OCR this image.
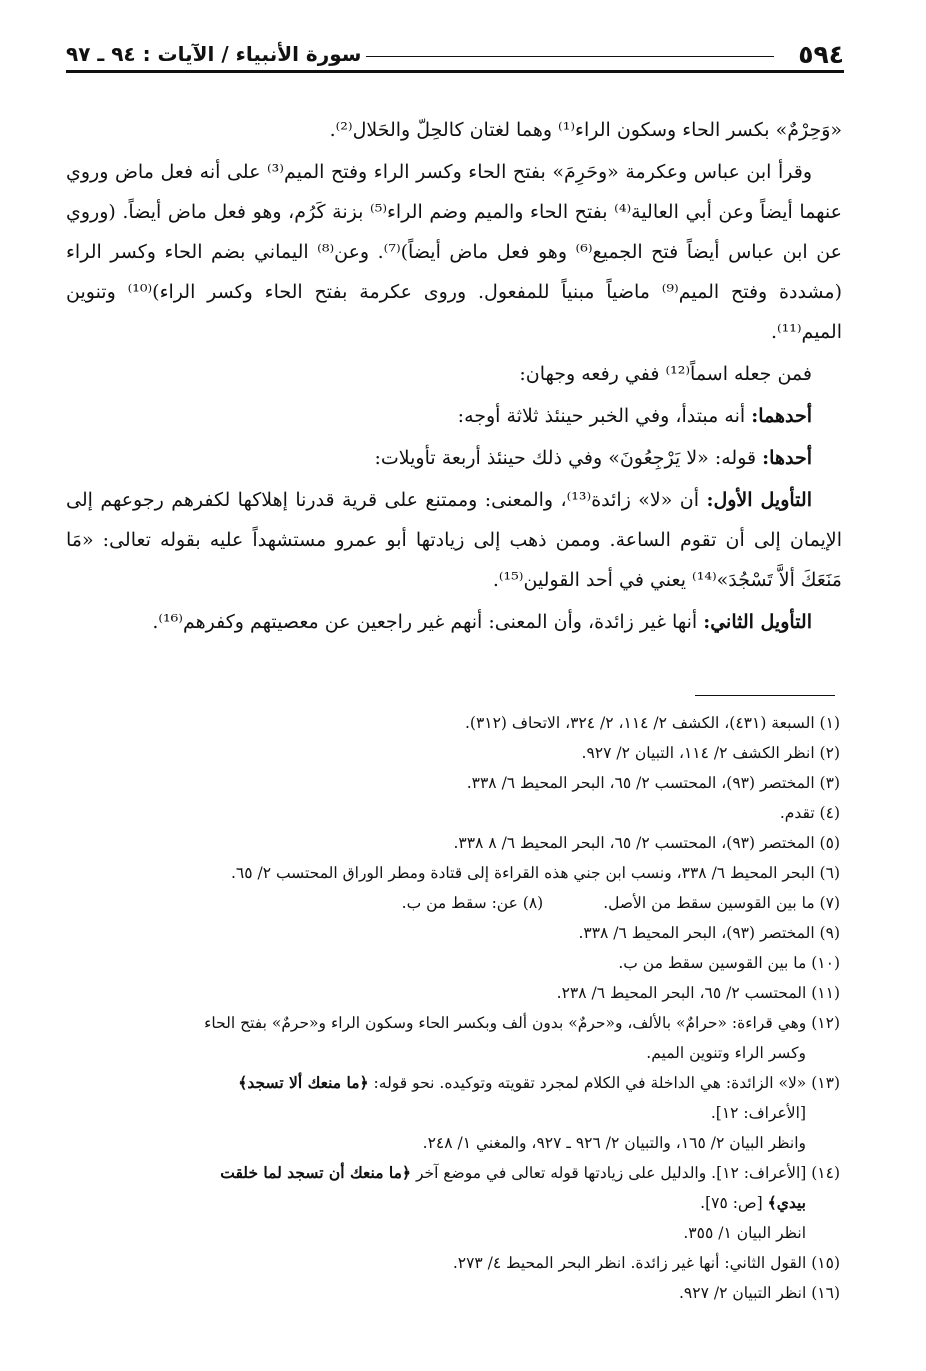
٥٩٤
سورة الأنبياء / الآيات : ٩٤ ـ ٩٧

«وَحِرْمٌ» بكسر الحاء وسكون الراء⁽¹⁾ وهما لغتان كالحِلّ والحَلال⁽²⁾.

وقرأ ابن عباس وعكرمة «وحَرِمَ» بفتح الحاء وكسر الراء وفتح الميم⁽³⁾ على أنه فعل ماض وروي عنهما أيضاً وعن أبي العالية⁽⁴⁾ بفتح الحاء والميم وضم الراء⁽⁵⁾ بزنة كَرُم، وهو فعل ماض أيضاً. (وروي عن ابن عباس أيضاً فتح الجميع⁽⁶⁾ وهو فعل ماض أيضاً)⁽⁷⁾. وعن⁽⁸⁾ اليماني بضم الحاء وكسر الراء (مشددة وفتح الميم⁽⁹⁾ ماضياً مبنياً للمفعول. وروى عكرمة بفتح الحاء وكسر الراء)⁽¹⁰⁾ وتنوين الميم⁽¹¹⁾.

فمن جعله اسماً⁽¹²⁾ ففي رفعه وجهان:

أحدهما: أنه مبتدأ، وفي الخبر حينئذ ثلاثة أوجه:

أحدها: قوله: «لا يَرْجِعُونَ» وفي ذلك حينئذ أربعة تأويلات:

التأويل الأول: أن «لا» زائدة⁽¹³⁾، والمعنى: وممتنع على قرية قدرنا إهلاكها لكفرهم رجوعهم إلى الإيمان إلى أن تقوم الساعة. وممن ذهب إلى زيادتها أبو عمرو مستشهداً عليه بقوله تعالى: «مَا مَنَعَكَ ألاَّ تَسْجُدَ»⁽¹⁴⁾ يعني في أحد القولين⁽¹⁵⁾.

التأويل الثاني: أنها غير زائدة، وأن المعنى: أنهم غير راجعين عن معصيتهم وكفرهم⁽¹⁶⁾.

(١) السبعة (٤٣١)، الكشف ٢/ ١١٤، ٢/ ٣٢٤، الاتحاف (٣١٢).

(٢) انظر الكشف ٢/ ١١٤، التبيان ٢/ ٩٢٧.

(٣) المختصر (٩٣)، المحتسب ٢/ ٦٥، البحر المحيط ٦/ ٣٣٨.

(٤) تقدم.

(٥) المختصر (٩٣)، المحتسب ٢/ ٦٥، البحر المحيط ٦/ ٨ ٣٣٨.

(٦) البحر المحيط ٦/ ٣٣٨، ونسب ابن جني هذه القراءة إلى قتادة ومطر الوراق المحتسب ٢/ ٦٥.

(٧) ما بين القوسين سقط من الأصل.
(٨) عن: سقط من ب.

(٩) المختصر (٩٣)، البحر المحيط ٦/ ٣٣٨.

(١٠) ما بين القوسين سقط من ب.

(١١) المحتسب ٢/ ٦٥، البحر المحيط ٦/ ٢٣٨.

(١٢) وهي قراءة: «حرامٌ» بالألف، و«حرمٌ» بدون ألف وبكسر الحاء وسكون الراء و«حرمٌ» بفتح الحاء

وكسر الراء وتنوين الميم.

(١٣) «لا» الزائدة: هي الداخلة في الكلام لمجرد تقويته وتوكيده. نحو قوله: ﴿ما منعك ألا تسجد﴾

[الأعراف: ١٢].

وانظر البيان ٢/ ١٦٥، والتبيان ٢/ ٩٢٦ ـ ٩٢٧، والمغني ١/ ٢٤٨.

(١٤) [الأعراف: ١٢]. والدليل على زيادتها قوله تعالى في موضع آخر ﴿ما منعك أن تسجد لما خلقت

بيدي﴾ [ص: ٧٥].

انظر البيان ١/ ٣٥٥.

(١٥) القول الثاني: أنها غير زائدة. انظر البحر المحيط ٤/ ٢٧٣.

(١٦) انظر التبيان ٢/ ٩٢٧.
